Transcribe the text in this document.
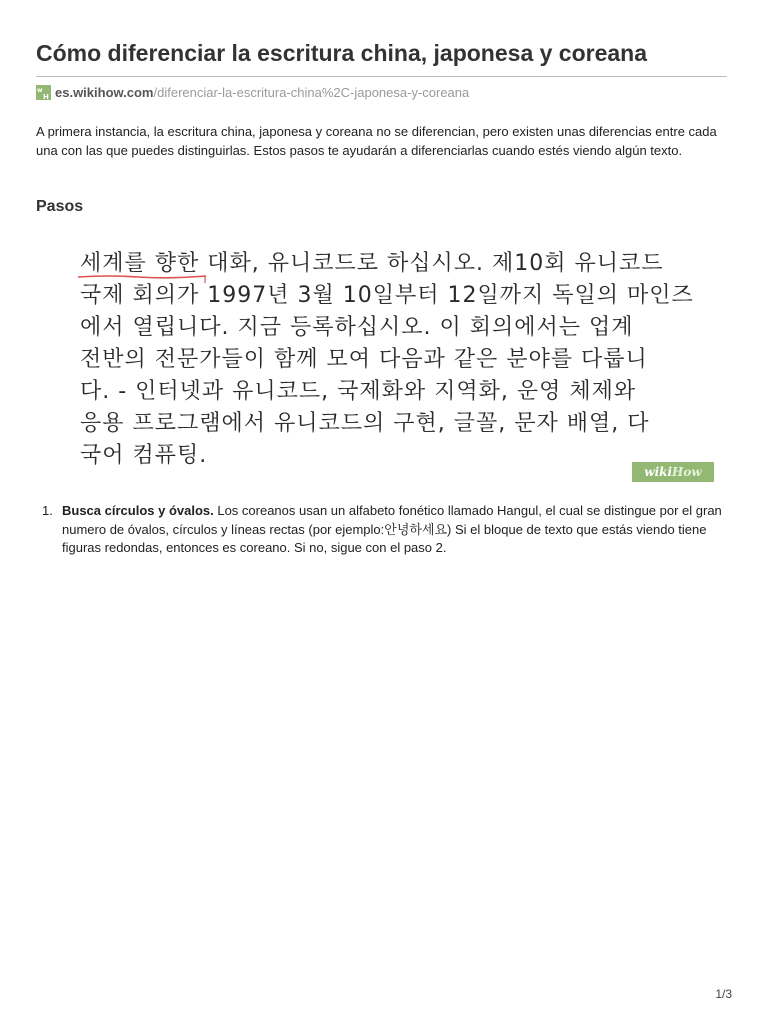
Cómo diferenciar la escritura china, japonesa y coreana
w
H es.wikihow.com /diferenciar-la-escritura-china%2C-japonesa-y-coreana

A primera instancia, la escritura china, japonesa y coreana no se diferencian, pero existen unas diferencias entre cada una con las que puedes distinguirlas. Estos pasos te ayudarán a diferenciarlas cuando estés viendo algún texto.

Pasos
세계를 향한 대화, 유니코드로 하십시오. 제10회 유니코드
국제 회의가 1997년 3월 10일부터 12일까지 독일의 마인즈
에서 열립니다. 지금 등록하십시오. 이 회의에서는 업계
전반의 전문가들이 함께 모여 다음과 같은 분야를 다룹니
다. - 인터넷과 유니코드, 국제화와 지역화, 운영 체제와
응용 프로그램에서 유니코드의 구현, 글꼴, 문자 배열, 다
국어 컴퓨팅.
wiki How
1. Busca círculos y óvalos. Los coreanos usan un alfabeto fonético llamado Hangul, el cual se distingue por el gran numero de óvalos, círculos y líneas rectas (por ejemplo:안녕하세요) Si el bloque de texto que estás viendo tiene figuras redondas, entonces es coreano. Si no, sigue con el paso 2.
1/3
